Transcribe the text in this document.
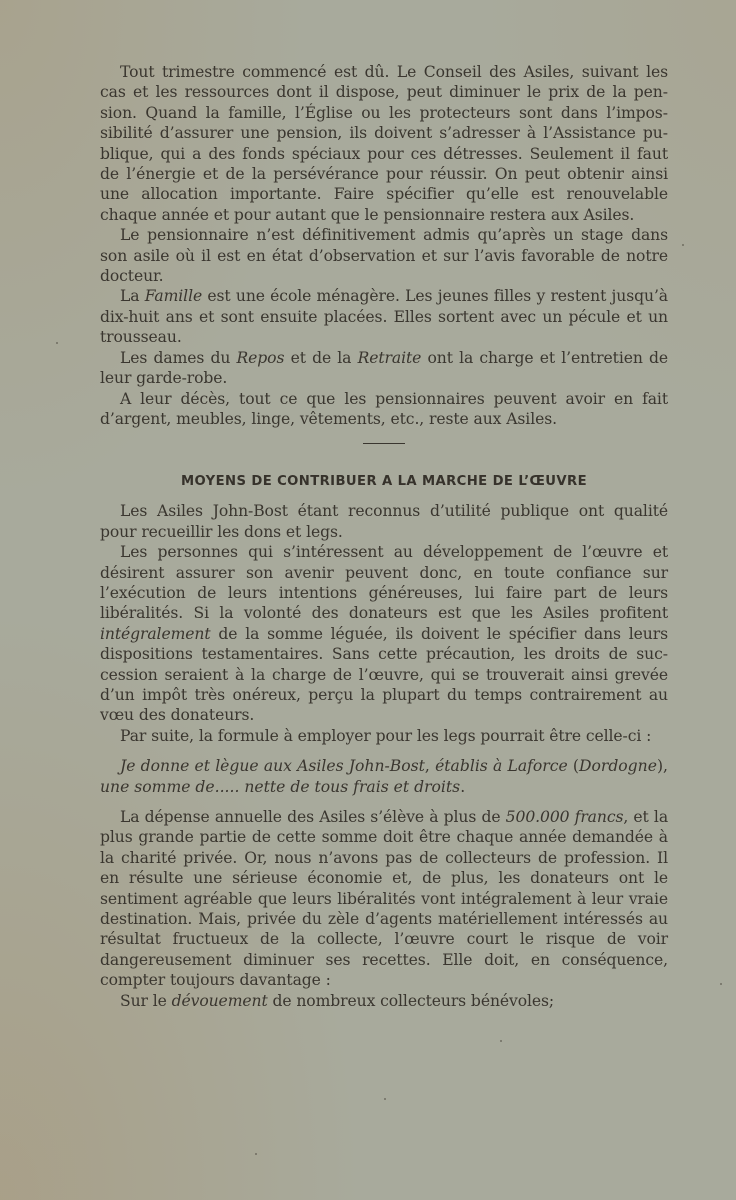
Tout trimestre commencé est dû. Le Conseil des Asiles, suivant les cas et les ressources dont il dispose, peut diminuer le prix de la pension. Quand la famille, l’Église ou les protecteurs sont dans l’impossibilité d’assurer une pension, ils doivent s’adresser à l’Assistance publique, qui a des fonds spéciaux pour ces détresses. Seulement il faut de l’énergie et de la persévérance pour réussir. On peut obtenir ainsi une allocation importante. Faire spécifier qu’elle est renouvelable chaque année et pour autant que le pensionnaire restera aux Asiles.

Le pensionnaire n’est définitivement admis qu’après un stage dans son asile où il est en état d’observation et sur l’avis favorable de notre docteur.

La Famille est une école ménagère. Les jeunes filles y restent jusqu’à dix-huit ans et sont ensuite placées. Elles sortent avec un pécule et un trousseau.

Les dames du Repos et de la Retraite ont la charge et l’entretien de leur garde-robe.

A leur décès, tout ce que les pensionnaires peuvent avoir en fait d’argent, meubles, linge, vêtements, etc., reste aux Asiles.

MOYENS DE CONTRIBUER A LA MARCHE DE L’ŒUVRE

Les Asiles John-Bost étant reconnus d’utilité publique ont qualité pour recueillir les dons et legs.

Les personnes qui s’intéressent au développement de l’œuvre et désirent assurer son avenir peuvent donc, en toute confiance sur l’exécution de leurs intentions généreuses, lui faire part de leurs libéralités. Si la volonté des donateurs est que les Asiles profitent intégralement de la somme léguée, ils doivent le spécifier dans leurs dispositions testamentaires. Sans cette précaution, les droits de succession seraient à la charge de l’œuvre, qui se trouverait ainsi grevée d’un impôt très onéreux, perçu la plupart du temps contrairement au vœu des donateurs.

Par suite, la formule à employer pour les legs pourrait être celle-ci :

Je donne et lègue aux Asiles John-Bost, établis à Laforce (Dordogne), une somme de..... nette de tous frais et droits.

La dépense annuelle des Asiles s’élève à plus de 500.000 francs, et la plus grande partie de cette somme doit être chaque année demandée à la charité privée. Or, nous n’avons pas de collecteurs de profession. Il en résulte une sérieuse économie et, de plus, les donateurs ont le sentiment agréable que leurs libéralités vont intégralement à leur vraie destination. Mais, privée du zèle d’agents matériellement intéressés au résultat fructueux de la collecte, l’œuvre court le risque de voir dangereusement diminuer ses recettes. Elle doit, en conséquence, compter toujours davantage :

Sur le dévouement de nombreux collecteurs bénévoles;
